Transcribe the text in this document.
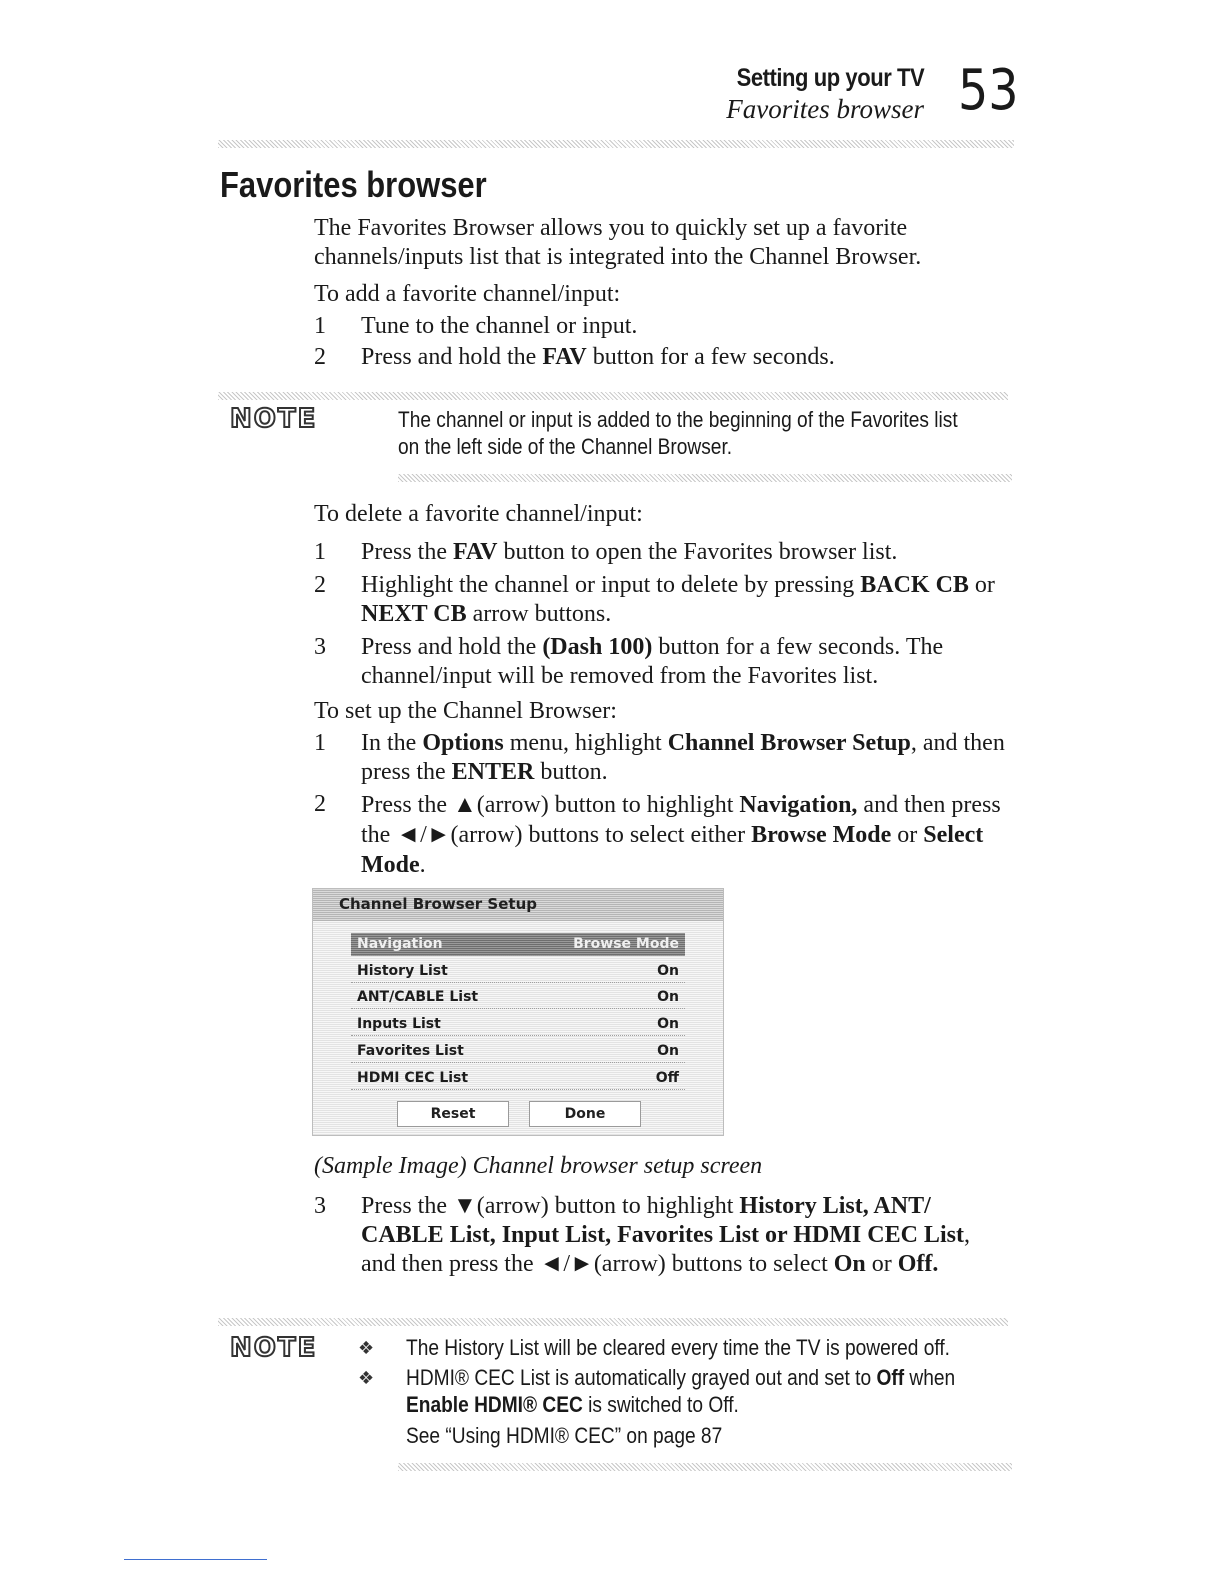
Setting up your TV
Favorites browser 53
Favorites browser
The Favorites Browser allows you to quickly set up a favorite channels/inputs list that is integrated into the Channel Browser.
To add a favorite channel/input:
1	Tune to the channel or input.
2	Press and hold the FAV button for a few seconds.
NOTE	The channel or input is added to the beginning of the Favorites list
on the left side of the Channel Browser.
To delete a favorite channel/input:
1	Press the FAV button to open the Favorites browser list.
2	Highlight the channel or input to delete by pressing BACK CB or NEXT CB arrow buttons.
3	Press and hold the (Dash 100) button for a few seconds. The channel/input will be removed from the Favorites list.
To set up the Channel Browser:
1	In the Options menu, highlight Channel Browser Setup, and then press the ENTER button.
2	Press the ▲(arrow) button to highlight Navigation, and then press the ◄/►(arrow) buttons to select either Browse Mode or Select Mode.
Channel Browser Setup
Navigation	Browse Mode
History List	On
ANT/CABLE List	On
Inputs List	On
Favorites List	On
HDMI CEC List	Off
Reset	Done
(Sample Image) Channel browser setup screen
3	Press the ▼(arrow) button to highlight History List, ANT/ CABLE List, Input List, Favorites List or HDMI CEC List, and then press the ◄/►(arrow) buttons to select On or Off.
NOTE ❖ The History List will be cleared every time the TV is powered off.
❖ HDMI® CEC List is automatically grayed out and set to Off when
Enable HDMI® CEC is switched to Off.
See “Using HDMI® CEC” on page 87
